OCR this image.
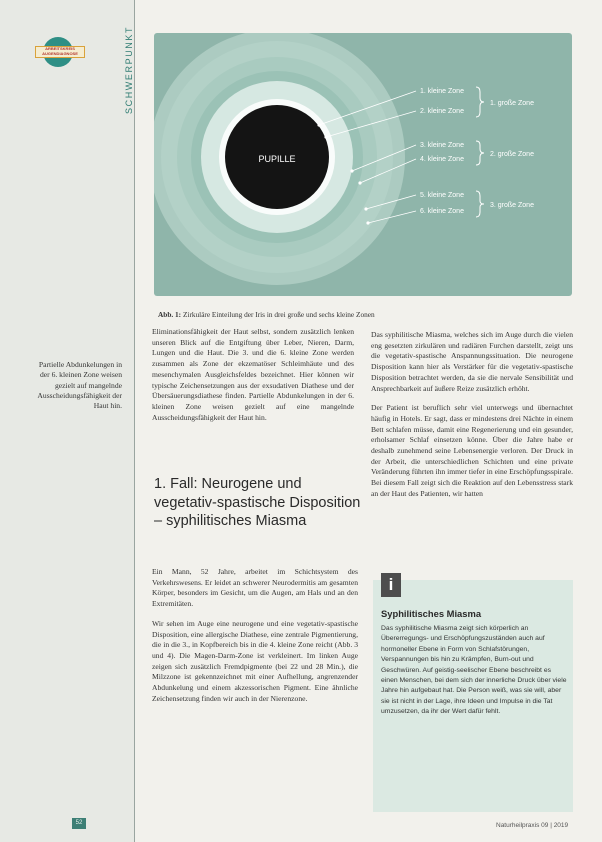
ARBEITSKREIS
AUGENDIAGNOSE	SCHWERPUNKT
PUPILLE
1. kleine Zone
2. kleine Zone
3. kleine Zone
4. kleine Zone
5. kleine Zone
6. kleine Zone
1. große Zone
2. große Zone
3. große Zone
Abb. 1: Zirkuläre Einteilung der Iris in drei große und sechs kleine Zonen
Partielle Abdunkelungen in der 6. kleinen Zone weisen gezielt auf mangelnde Ausscheidungsfähigkeit der Haut hin.

Eliminationsfähigkeit der Haut selbst, sondern zusätzlich lenken unseren Blick auf die Entgiftung über Leber, Nieren, Darm, Lungen und die Haut. Die 3. und die 6. kleine Zone werden zusammen als Zone der ekzematöser Schleimhäute und des mesenchymalen Ausgleichsfeldes bezeichnet. Hier können wir typische Zeichensetzungen aus der exsudativen Diathese und der Übersäuerungsdiathese finden. Partielle Abdunkelungen in der 6. kleinen Zone weisen gezielt auf eine mangelnde Ausscheidungsfähigkeit der Haut hin.

1. Fall: Neurogene und vegetativ-spastische Disposition – syphilitisches Miasma

Ein Mann, 52 Jahre, arbeitet im Schichtsystem des Verkehrswesens. Er leidet an schwerer Neurodermitis am gesamten Körper, besonders im Gesicht, um die Augen, am Hals und an den Extremitäten.

Wir sehen im Auge eine neurogene und eine vegetativ-spastische Disposition, eine allergische Diathese, eine zentrale Pigmentierung, die in die 3., in Kopfbereich bis in die 4. kleine Zone reicht (Abb. 3 und 4). Die Magen-Darm-Zone ist verkleinert. Im linken Auge zeigen sich zusätzlich Fremdpigmente (bei 22 und 28 Min.), die Milzzone ist gekennzeichnet mit einer Aufhellung, angrenzender Abdunkelung und einem akzessorischen Pigment. Eine ähnliche Zeichensetzung finden wir auch in der Nierenzone.

Das syphilitische Miasma, welches sich im Auge durch die vielen eng gesetzten zirkulären und radiären Furchen darstellt, zeigt uns die vegetativ-spastische Anspannungssituation. Die neurogene Disposition kann hier als Verstärker für die vegetativ-spastische Disposition betrachtet werden, da sie die nervale Sensibilität und Ansprechbarkeit auf äußere Reize zusätzlich erhöht.

Der Patient ist beruflich sehr viel unterwegs und übernachtet häufig in Hotels. Er sagt, dass er mindestens drei Nächte in einem Bett schlafen müsse, damit eine Regenerierung und ein gesunder, erholsamer Schlaf einsetzen könne. Über die Jahre habe er deshalb zunehmend seine Lebensenergie verloren. Der Druck in der Arbeit, die unterschiedlichen Schichten und eine private Veränderung führten ihn immer tiefer in eine Erschöpfungsspirale. Bei diesem Fall zeigt sich die Reaktion auf den Lebensstress stark an der Haut des Patienten, wir hatten

i
Syphilitisches Miasma
Das syphilitische Miasma zeigt sich körperlich an Übererregungs- und Erschöpfungszuständen auch auf hormoneller Ebene in Form von Schlafstörungen, Verspannungen bis hin zu Krämpfen, Burn-out und Geschwüren. Auf geistig-seelischer Ebene beschreibt es einen Menschen, bei dem sich der innerliche Druck über viele Jahre hin aufgebaut hat. Die Person weiß, was sie will, aber sie ist nicht in der Lage, ihre Ideen und Impulse in die Tat umzusetzen, da ihr der Wert dafür fehlt.
52	Naturheilpraxis 09 | 2019
